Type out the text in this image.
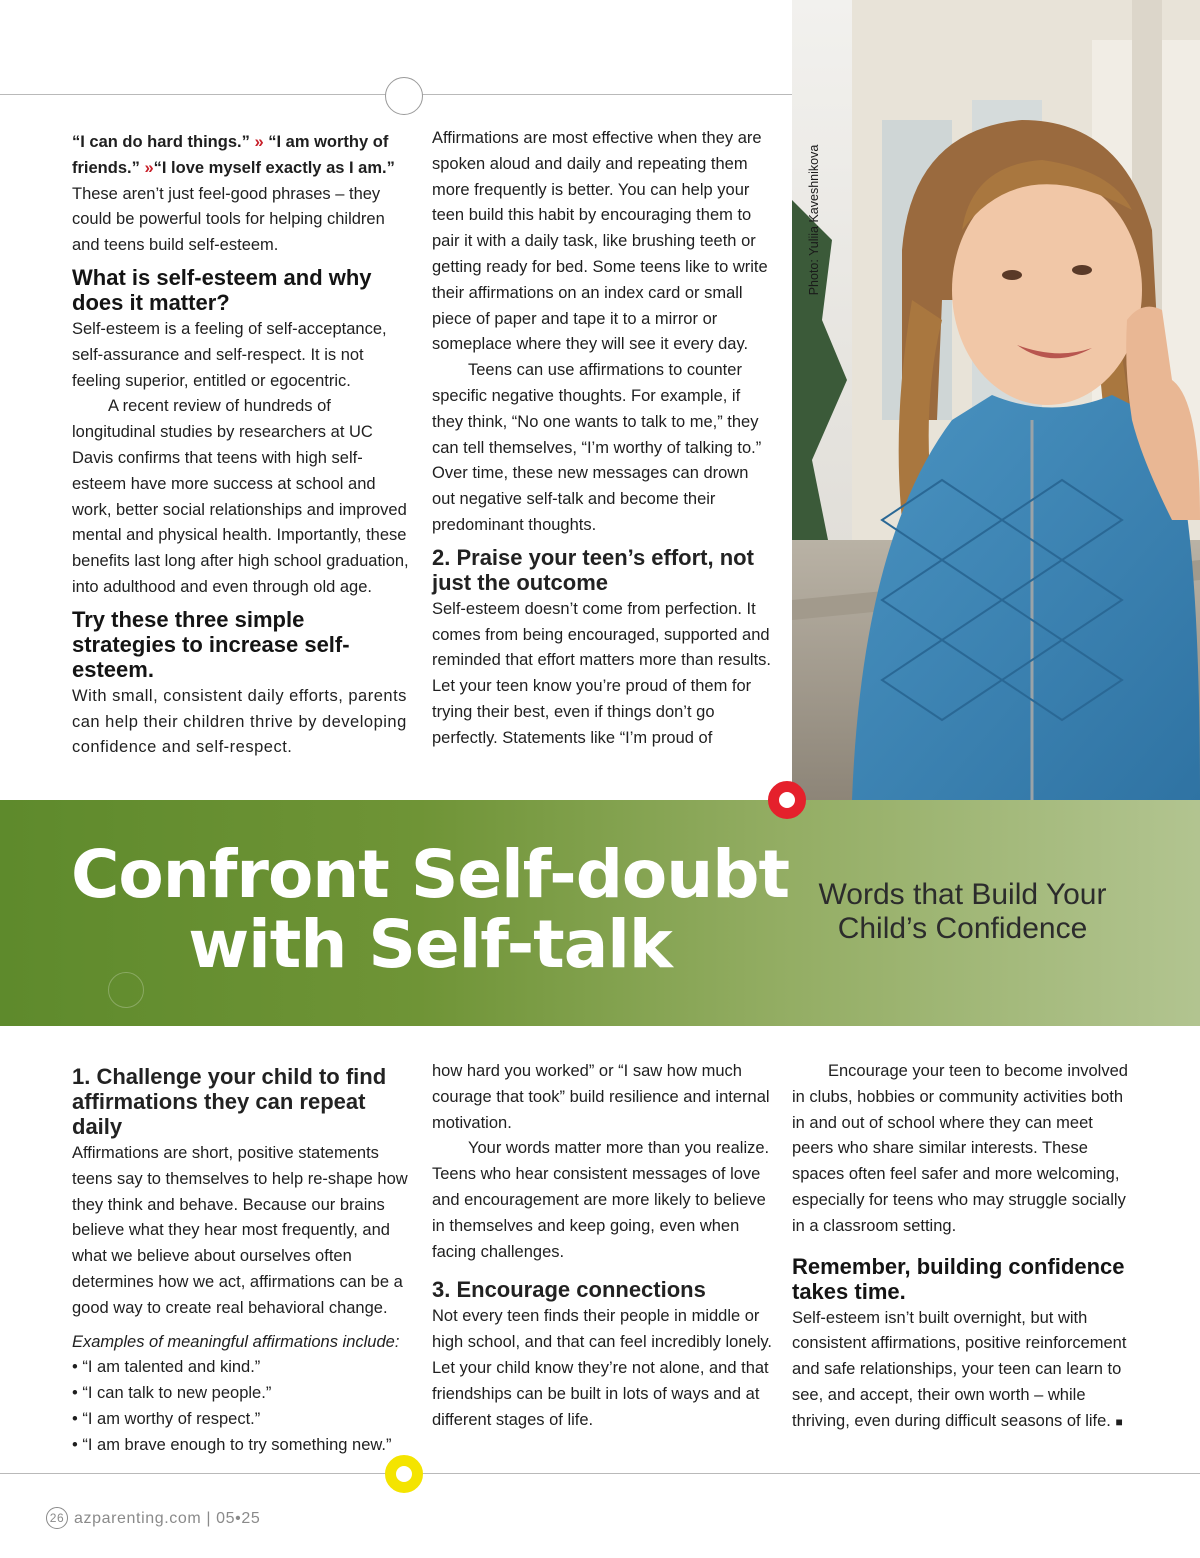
“I can do hard things.” » “I am worthy of friends.” »“I love myself exactly as I am.”

These aren’t just feel-good phrases – they could be powerful tools for helping children and teens build self-esteem.

What is self-esteem and why does it matter?

Self-esteem is a feeling of self-acceptance, self-assurance and self-respect. It is not feeling superior, entitled or egocentric.

A recent review of hundreds of longitudinal studies by researchers at UC Davis confirms that teens with high self-esteem have more success at school and work, better social relationships and improved mental and physical health. Importantly, these benefits last long after high school graduation, into adulthood and even through old age.

Try these three simple strategies to increase self-esteem.

With small, consistent daily efforts, parents can help their children thrive by developing confidence and self-respect.

Affirmations are most effective when they are spoken aloud and daily and repeating them more frequently is better. You can help your teen build this habit by encouraging them to pair it with a daily task, like brushing teeth or getting ready for bed. Some teens like to write their affirmations on an index card or small piece of paper and tape it to a mirror or someplace where they will see it every day.

Teens can use affirmations to counter specific negative thoughts. For example, if they think, “No one wants to talk to me,” they can tell themselves, “I’m worthy of talking to.” Over time, these new messages can drown out negative self-talk and become their predominant thoughts.

2. Praise your teen’s effort, not just the outcome

Self-esteem doesn’t come from perfection. It comes from being encouraged, supported and reminded that effort matters more than results. Let your teen know you’re proud of them for trying their best, even if things don’t go perfectly. Statements like “I’m proud of

Photo: Yuliia Kaveshnikova
Confront Self-doubt
with Self-talk
Words that Build Your
Child’s Confidence
1. Challenge your child to find affirmations they can repeat daily

Affirmations are short, positive statements teens say to themselves to help re-shape how they think and behave. Because our brains believe what they hear most frequently, and what we believe about ourselves often determines how we act, affirmations can be a good way to create real behavioral change.

Examples of meaningful affirmations include:

• “I am talented and kind.”
• “I can talk to new people.”
• “I am worthy of respect.”
• “I am brave enough to try something new.”

how hard you worked” or “I saw how much courage that took” build resilience and internal motivation.

Your words matter more than you realize. Teens who hear consistent messages of love and encouragement are more likely to believe in themselves and keep going, even when facing challenges.

3. Encourage connections

Not every teen finds their people in middle or high school, and that can feel incredibly lonely. Let your child know they’re not alone, and that friendships can be built in lots of ways and at different stages of life.

Encourage your teen to become involved in clubs, hobbies or community activities both in and out of school where they can meet peers who share similar interests. These spaces often feel safer and more welcoming, especially for teens who may struggle socially in a classroom setting.

Remember, building confidence takes time.

Self-esteem isn’t built overnight, but with consistent affirmations, positive reinforcement and safe relationships, your teen can learn to see, and accept, their own worth – while thriving, even during difficult seasons of life. ■

26 azparenting.com | 05•25
